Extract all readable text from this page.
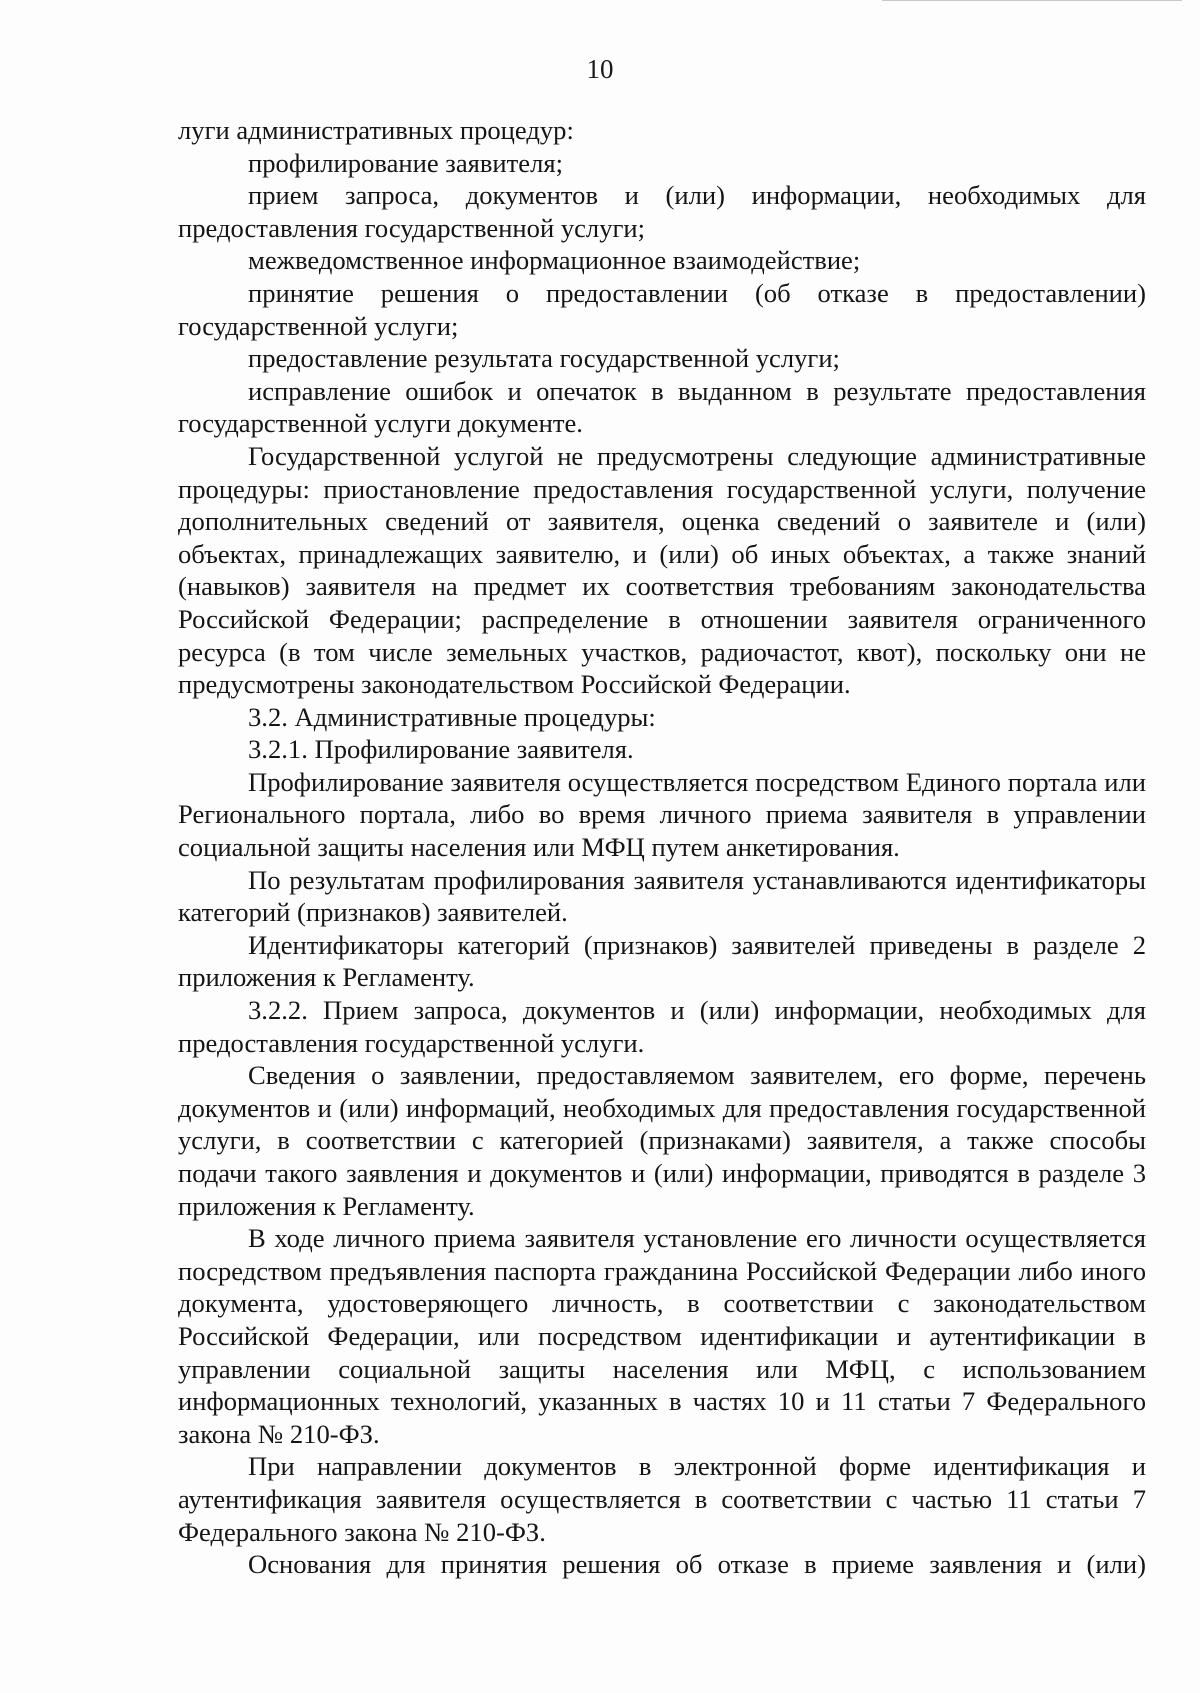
10

луги административных процедур:

профилирование заявителя;

прием запроса, документов и (или) информации, необходимых для предоставления государственной услуги;

межведомственное информационное взаимодействие;

принятие решения о предоставлении (об отказе в предоставлении) государственной услуги;

предоставление результата государственной услуги;

исправление ошибок и опечаток в выданном в результате предоставления государственной услуги документе.

Государственной услугой не предусмотрены следующие административные процедуры: приостановление предоставления государственной услуги, получение дополнительных сведений от заявителя, оценка сведений о заявителе и (или) объектах, принадлежащих заявителю, и (или) об иных объектах, а также знаний (навыков) заявителя на предмет их соответствия требованиям законодательства Российской Федерации; распределение в отношении заявителя ограниченного ресурса (в том числе земельных участков, радиочастот, квот), поскольку они не предусмотрены законодательством Российской Федерации.

3.2. Административные процедуры:

3.2.1. Профилирование заявителя.

Профилирование заявителя осуществляется посредством Единого портала или Регионального портала, либо во время личного приема заявителя в управлении социальной защиты населения или МФЦ путем анкетирования.

По результатам профилирования заявителя устанавливаются идентификаторы категорий (признаков) заявителей.

Идентификаторы категорий (признаков) заявителей приведены в разделе 2 приложения к Регламенту.

3.2.2. Прием запроса, документов и (или) информации, необходимых для предоставления государственной услуги.

Сведения о заявлении, предоставляемом заявителем, его форме, перечень документов и (или) информаций, необходимых для предоставления государственной услуги, в соответствии с категорией (признаками) заявителя, а также способы подачи такого заявления и документов и (или) информации, приводятся в разделе 3 приложения к Регламенту.

В ходе личного приема заявителя установление его личности осуществляется посредством предъявления паспорта гражданина Российской Федерации либо иного документа, удостоверяющего личность, в соответствии с законодательством Российской Федерации, или посредством идентификации и аутентификации в управлении социальной защиты населения или МФЦ, с использованием информационных технологий, указанных в частях 10 и 11 статьи 7 Федерального закона № 210-ФЗ.

При направлении документов в электронной форме идентификация и аутентификация заявителя осуществляется в соответствии с частью 11 статьи 7 Федерального закона № 210-ФЗ.

Основания для принятия решения об отказе в приеме заявления и (или)
